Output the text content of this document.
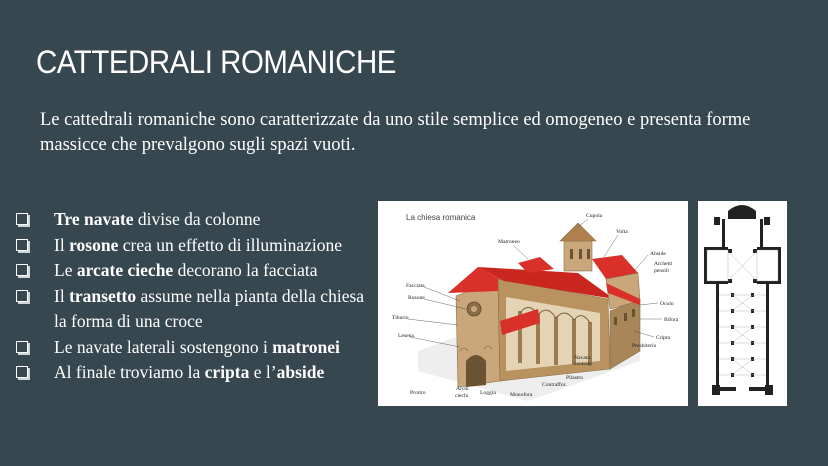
CATTEDRALI ROMANICHE
Le cattedrali romaniche sono caratterizzate da uno stile semplice ed omogeneo e presenta forme massicce che prevalgono sugli spazi vuoti.
Tre navate divise da colonne
Il rosone crea un effetto di illuminazione
Le arcate cieche decorano la facciata
Il transetto assume nella pianta della chiesa la forma di una croce
Le navate laterali sostengono i matronei
Al finale troviamo la cripta e l’abside
La chiesa romanica
Matroneo
Cupola
Volta
Abside
Archetti
pensili
Facciata
Rosone
Tiburio
Lesena
Protiro
Archi
ciechi Loggia	Monofora
Pilastro
Contraffor.
Navata
centrale
Oculo
Bifora
Cripta
Presbiterio
